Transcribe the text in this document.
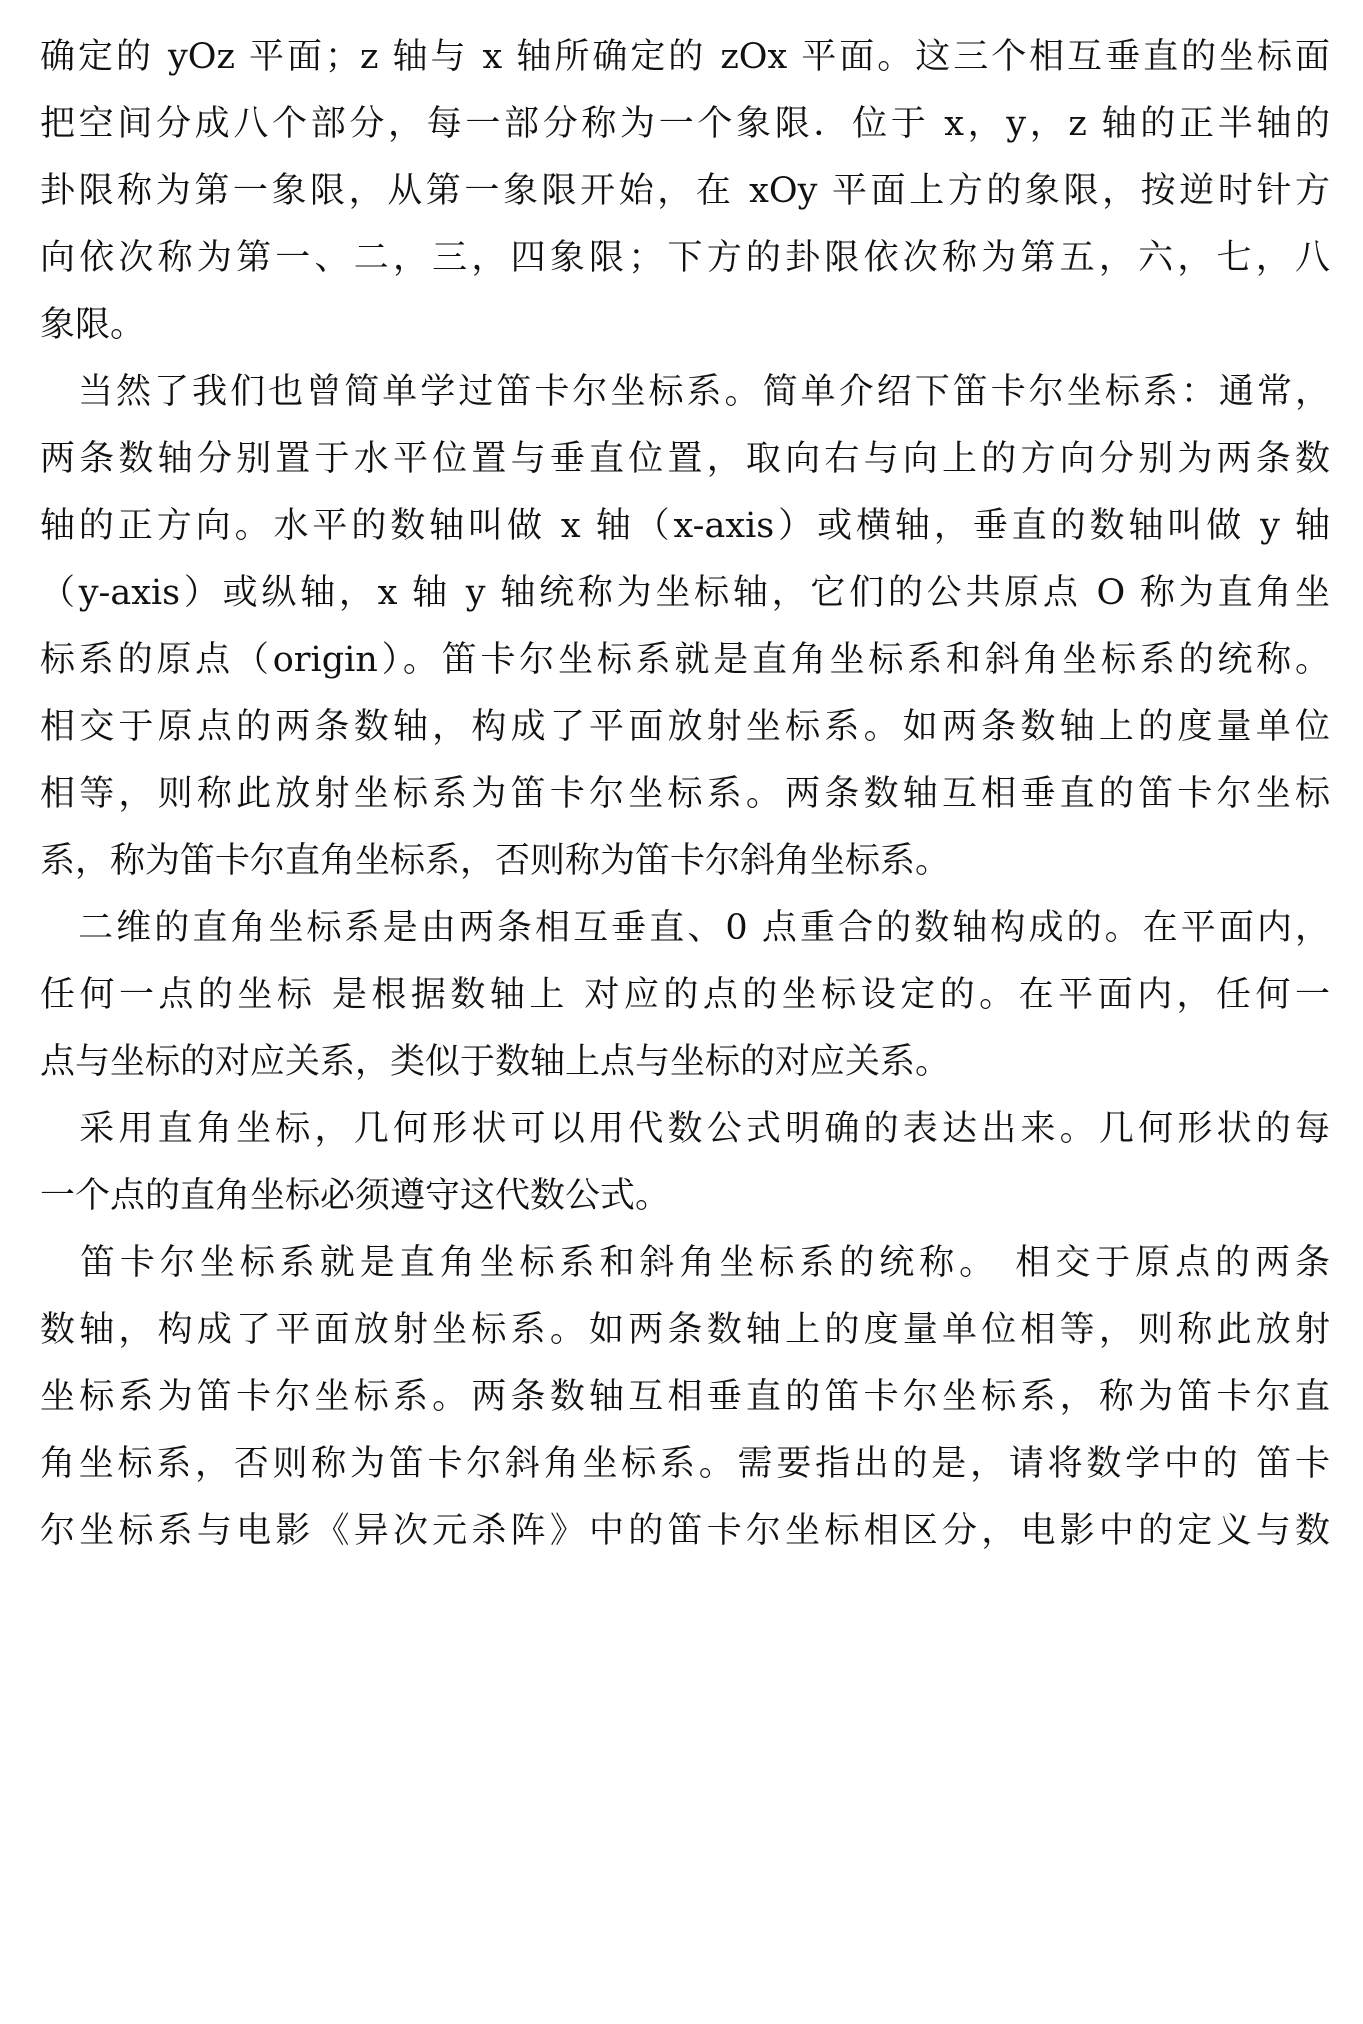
确定的 yOz 平面；z 轴与 x 轴所确定的 zOx 平面。这三个相互垂直的坐标面
把空间分成八个部分，每一部分称为一个象限．位于 x，y，z 轴的正半轴的
卦限称为第一象限，从第一象限开始，在 xOy 平面上方的象限，按逆时针方
向依次称为第一、二，三，四象限；下方的卦限依次称为第五，六，七，八
象限。
　当然了我们也曾简单学过笛卡尔坐标系。简单介绍下笛卡尔坐标系：通常，
两条数轴分别置于水平位置与垂直位置，取向右与向上的方向分别为两条数
轴的正方向。水平的数轴叫做 x 轴（x-axis）或横轴，垂直的数轴叫做 y 轴
（y-axis）或纵轴，x 轴 y 轴统称为坐标轴，它们的公共原点 O 称为直角坐
标系的原点（origin）。笛卡尔坐标系就是直角坐标系和斜角坐标系的统称。
相交于原点的两条数轴，构成了平面放射坐标系。如两条数轴上的度量单位
相等，则称此放射坐标系为笛卡尔坐标系。两条数轴互相垂直的笛卡尔坐标
系，称为笛卡尔直角坐标系，否则称为笛卡尔斜角坐标系。
　二维的直角坐标系是由两条相互垂直、0 点重合的数轴构成的。在平面内，
任何一点的坐标 是根据数轴上 对应的点的坐标设定的。在平面内，任何一
点与坐标的对应关系，类似于数轴上点与坐标的对应关系。
　采用直角坐标，几何形状可以用代数公式明确的表达出来。几何形状的每
一个点的直角坐标必须遵守这代数公式。
　笛卡尔坐标系就是直角坐标系和斜角坐标系的统称。 相交于原点的两条
数轴，构成了平面放射坐标系。如两条数轴上的度量单位相等，则称此放射
坐标系为笛卡尔坐标系。两条数轴互相垂直的笛卡尔坐标系，称为笛卡尔直
角坐标系，否则称为笛卡尔斜角坐标系。需要指出的是，请将数学中的 笛卡
尔坐标系与电影《异次元杀阵》中的笛卡尔坐标相区分，电影中的定义与数
